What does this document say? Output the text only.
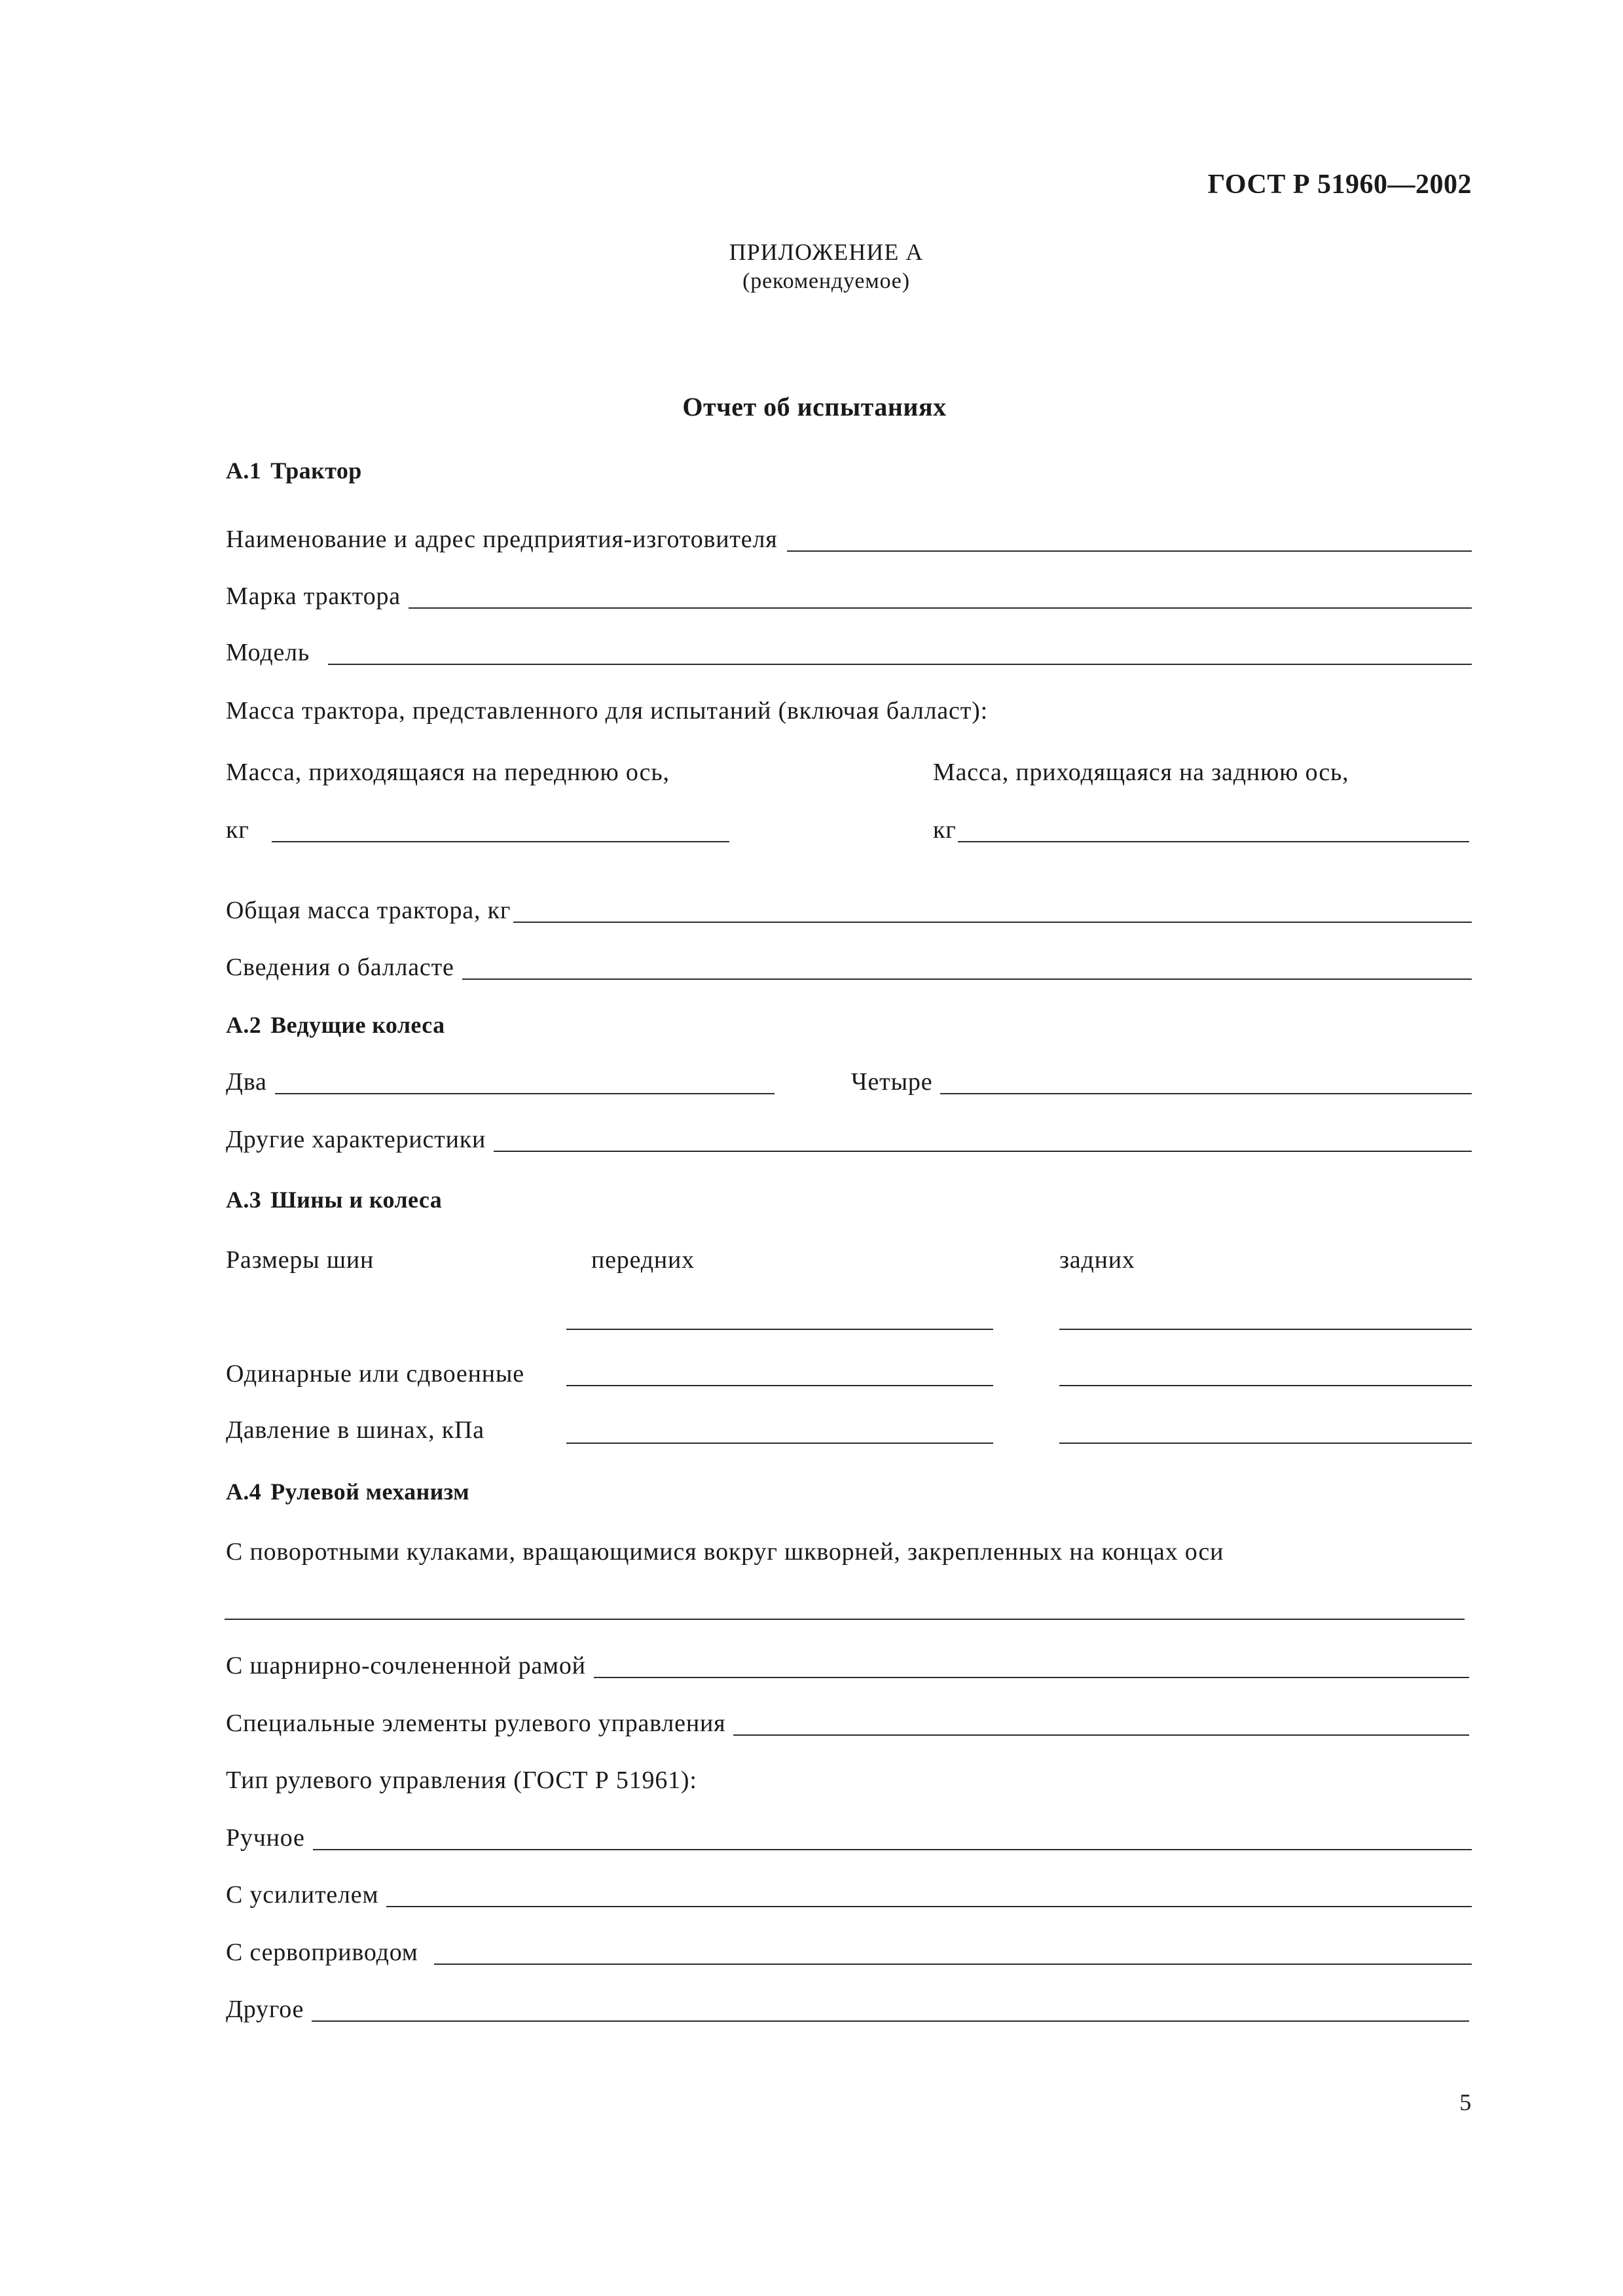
ГОСТ Р 51960—2002
ПРИЛОЖЕНИЕ А
(рекомендуемое)
Отчет об испытаниях
А.1 Трактор
Наименование и адрес предприятия-изготовителя
Марка трактора
Модель
Масса трактора, представленного для испытаний (включая балласт):
Масса, приходящаяся на переднюю ось,	Масса, приходящаяся на заднюю ось,
кг	кг
Общая масса трактора, кг
Сведения о балласте
А.2 Ведущие колеса
Два	Четыре
Другие характеристики
А.3 Шины и колеса
Размеры шин	передних	задних
Одинарные или сдвоенные
Давление в шинах, кПа
А.4 Рулевой механизм
С поворотными кулаками, вращающимися вокруг шкворней, закрепленных на концах оси
С шарнирно-сочлененной рамой
Специальные элементы рулевого управления
Тип рулевого управления (ГОСТ Р 51961):
Ручное
С усилителем
С сервоприводом
Другое
5
